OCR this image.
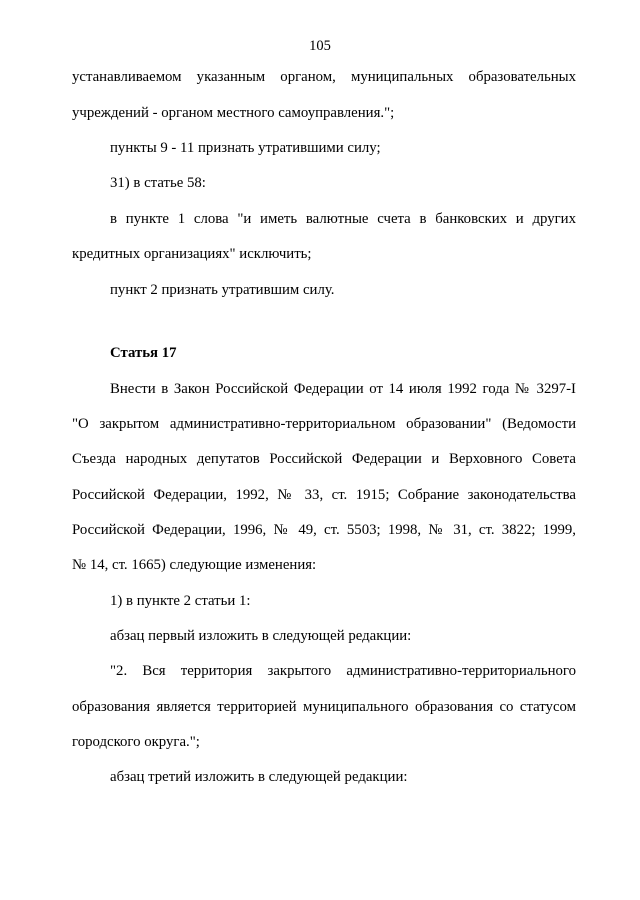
105
устанавливаемом указанным органом, муниципальных образовательных
учреждений - органом местного самоуправления.";
пункты 9 - 11 признать утратившими силу;
31) в статье 58:
в пункте 1 слова "и иметь валютные счета в банковских и других
кредитных организациях" исключить;
пункт 2 признать утратившим силу.
Статья 17
Внести в Закон Российской Федерации от 14 июля 1992 года № 3297-I
"О закрытом административно-территориальном образовании" (Ведомости
Съезда народных депутатов Российской Федерации и Верховного Совета
Российской Федерации, 1992, № 33, ст. 1915; Собрание законодательства
Российской Федерации, 1996, № 49, ст. 5503; 1998, № 31, ст. 3822; 1999,
№ 14, ст. 1665) следующие изменения:
1) в пункте 2 статьи 1:
абзац первый изложить в следующей редакции:
"2. Вся территория закрытого административно-территориального
образования является территорией муниципального образования со статусом
городского округа.";
абзац третий изложить в следующей редакции:
